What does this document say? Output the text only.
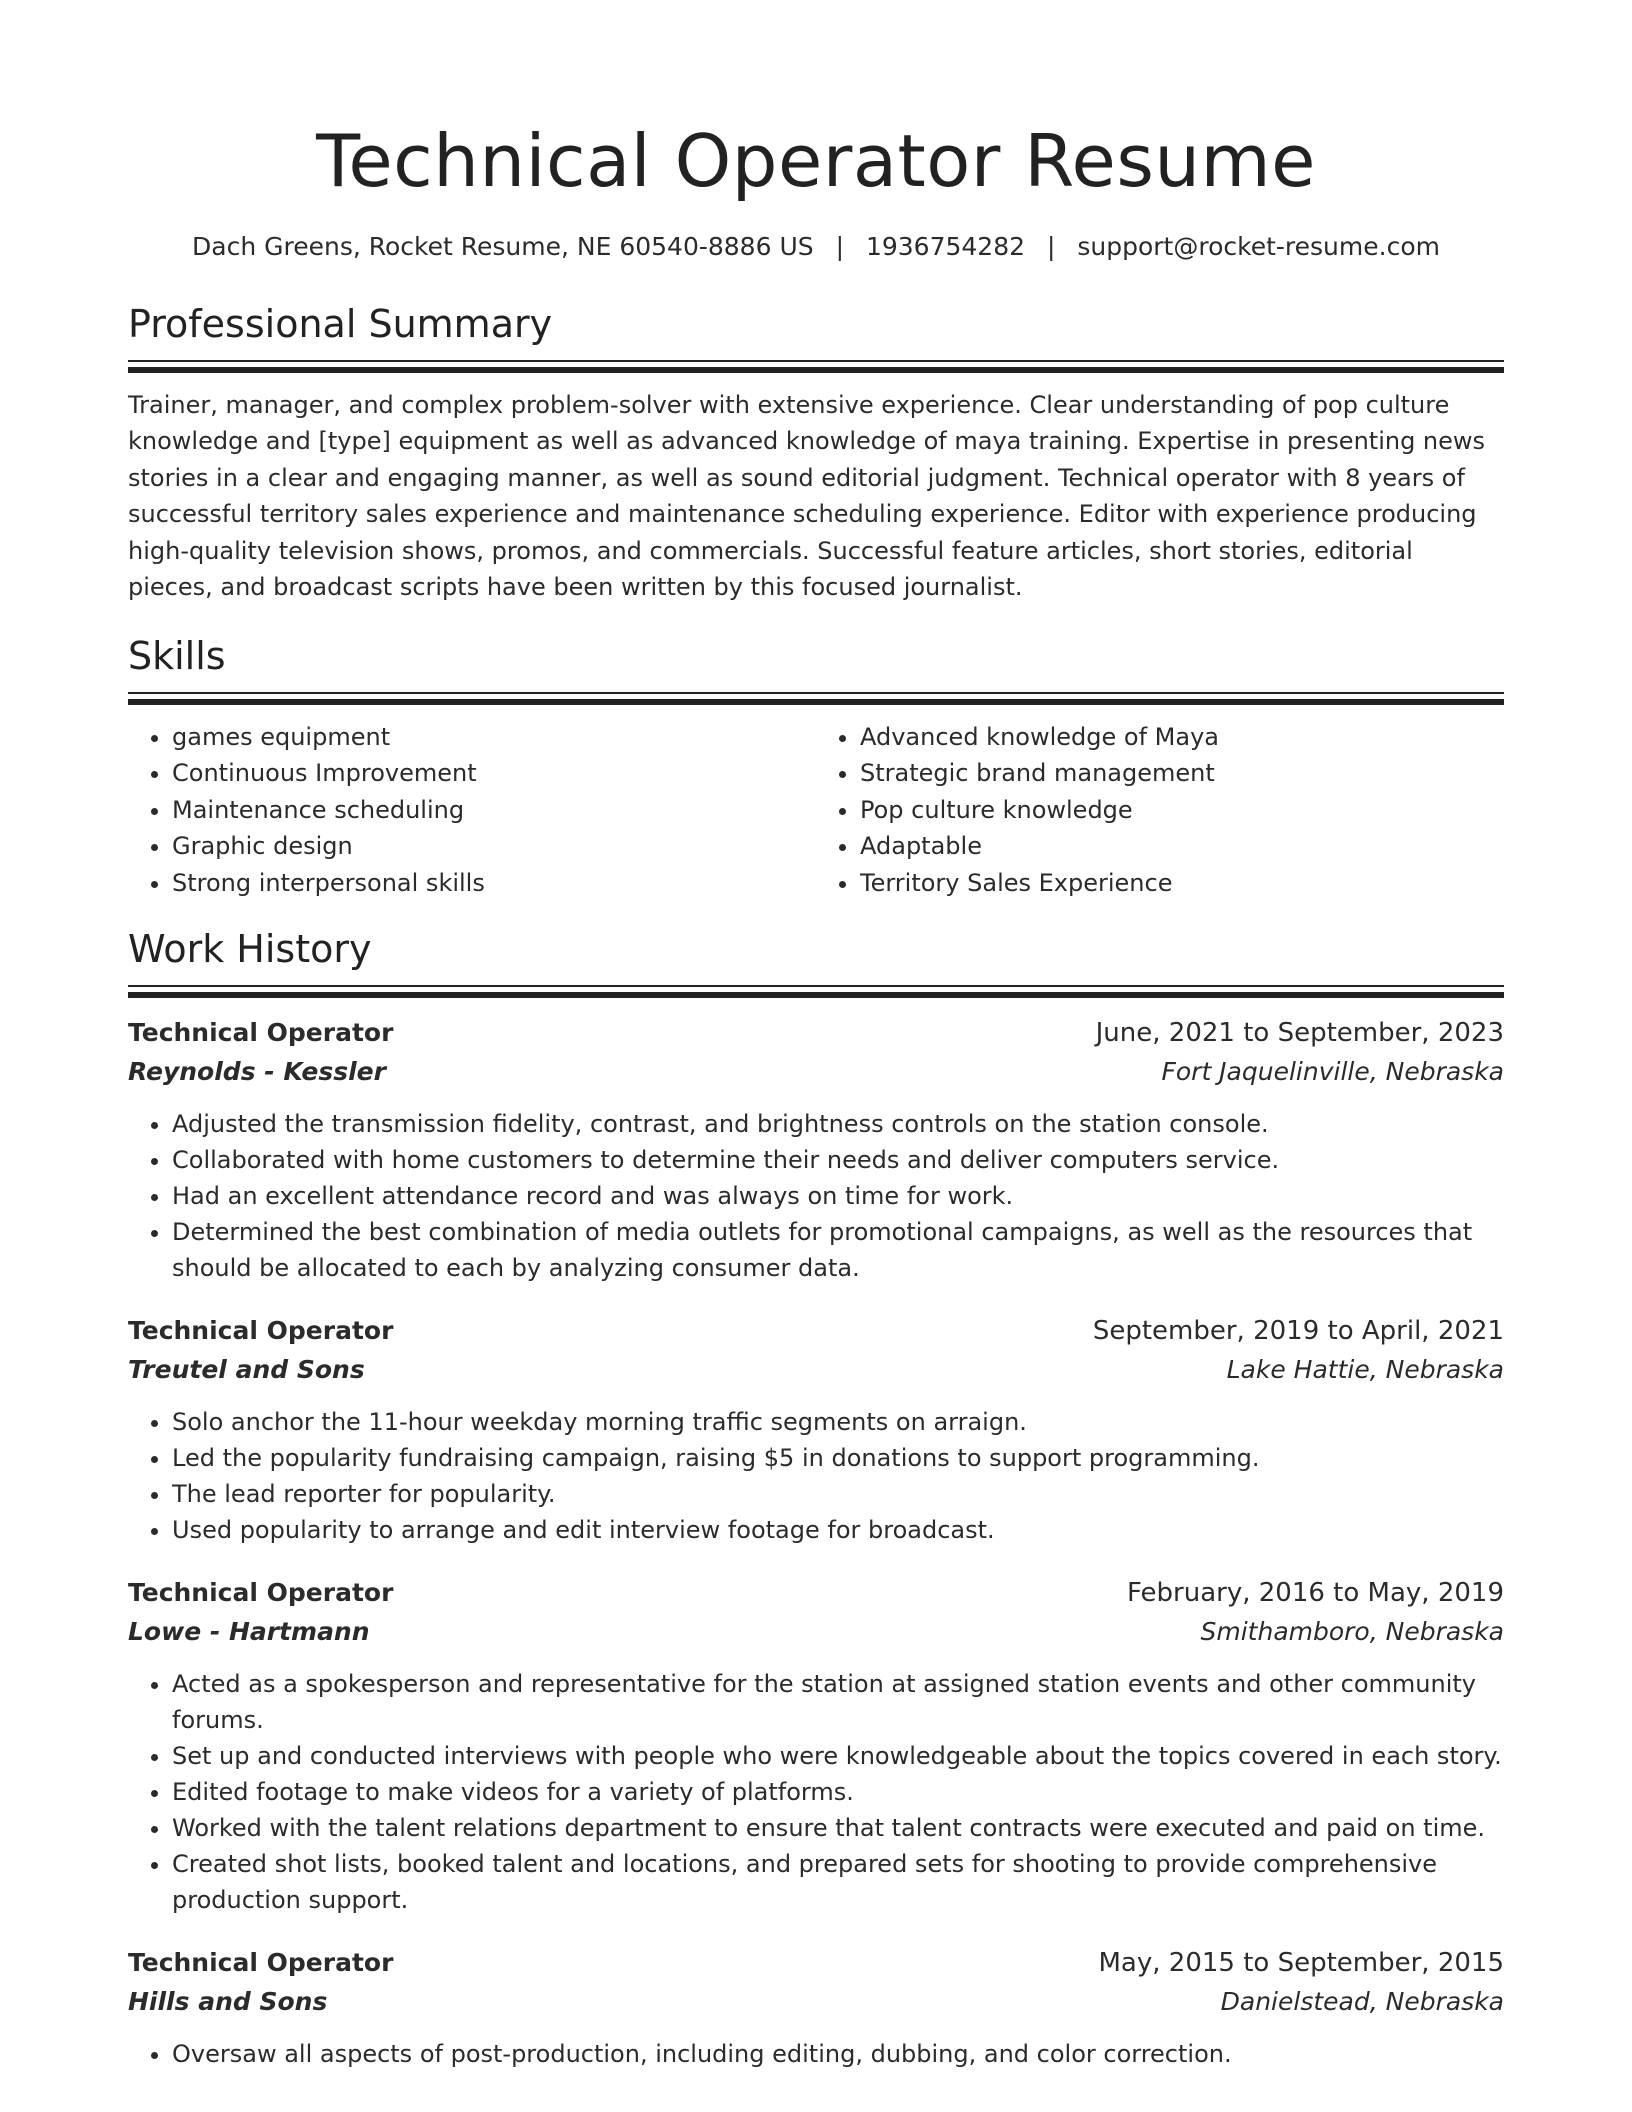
Technical Operator Resume
Dach Greens, Rocket Resume, NE 60540-8886 US | 1936754282 | support@rocket-resume.com
Professional Summary

Trainer, manager, and complex problem-solver with extensive experience. Clear understanding of pop culture knowledge and [type] equipment as well as advanced knowledge of maya training. Expertise in presenting news stories in a clear and engaging manner, as well as sound editorial judgment. Technical operator with 8 years of successful territory sales experience and maintenance scheduling experience. Editor with experience producing high-quality television shows, promos, and commercials. Successful feature articles, short stories, editorial pieces, and broadcast scripts have been written by this focused journalist.

Skills
• games equipment
• Continuous Improvement
• Maintenance scheduling
• Graphic design
• Strong interpersonal skills
• Advanced knowledge of Maya
• Strategic brand management
• Pop culture knowledge
• Adaptable
• Territory Sales Experience
Work History
Technical Operator	June, 2021 to September, 2023
Reynolds - Kessler	Fort Jaquelinville, Nebraska
• Adjusted the transmission fidelity, contrast, and brightness controls on the station console.
• Collaborated with home customers to determine their needs and deliver computers service.
• Had an excellent attendance record and was always on time for work.
• Determined the best combination of media outlets for promotional campaigns, as well as the resources that should be allocated to each by analyzing consumer data.
Technical Operator	September, 2019 to April, 2021
Treutel and Sons	Lake Hattie, Nebraska
• Solo anchor the 11-hour weekday morning traffic segments on arraign.
• Led the popularity fundraising campaign, raising $5 in donations to support programming.
• The lead reporter for popularity.
• Used popularity to arrange and edit interview footage for broadcast.
Technical Operator	February, 2016 to May, 2019
Lowe - Hartmann	Smithamboro, Nebraska
• Acted as a spokesperson and representative for the station at assigned station events and other community forums.
• Set up and conducted interviews with people who were knowledgeable about the topics covered in each story.
• Edited footage to make videos for a variety of platforms.
• Worked with the talent relations department to ensure that talent contracts were executed and paid on time.
• Created shot lists, booked talent and locations, and prepared sets for shooting to provide comprehensive production support.
Technical Operator	May, 2015 to September, 2015
Hills and Sons	Danielstead, Nebraska
• Oversaw all aspects of post-production, including editing, dubbing, and color correction.
